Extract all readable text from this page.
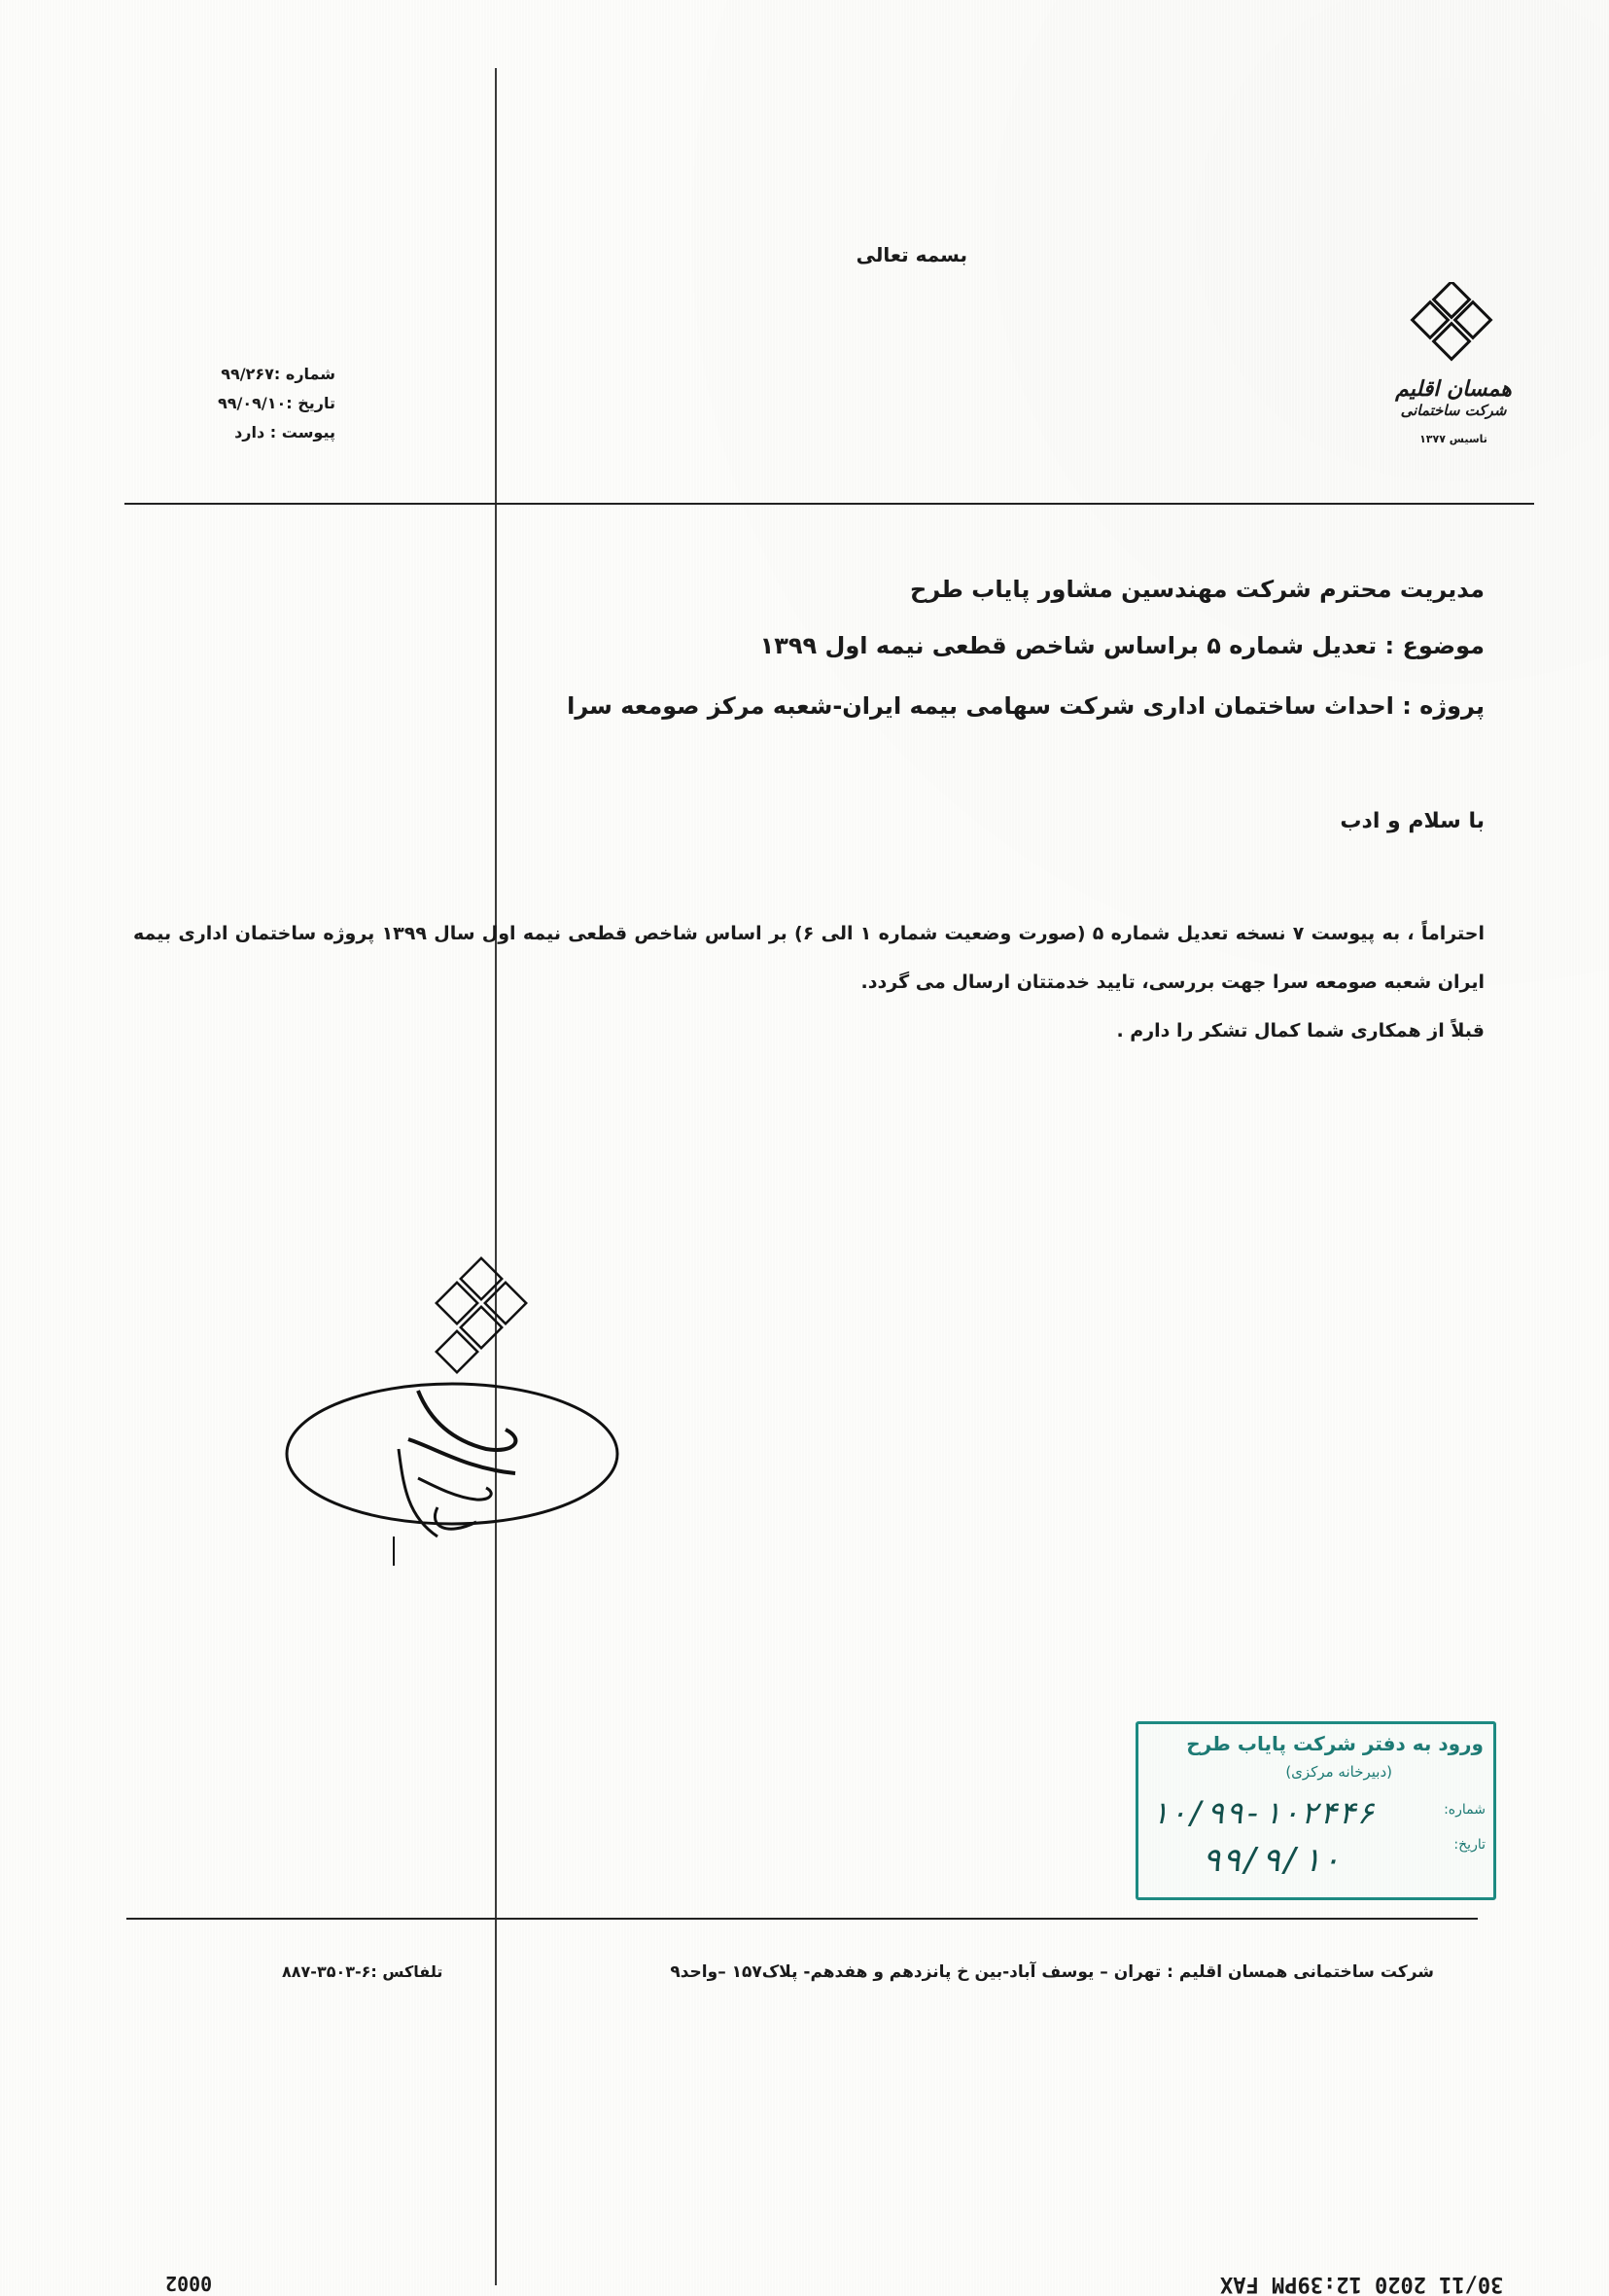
بسمه تعالی
شماره :۹۹/۲۶۷
تاریخ :۹۹/۰۹/۱۰
پیوست : دارد
همسان اقلیم
شرکت ساختمانی
تاسیس ۱۳۷۷
مدیریت محترم شرکت مهندسین مشاور پایاب طرح
موضوع : تعدیل شماره ۵ براساس شاخص قطعی نیمه اول ۱۳۹۹
پروژه : احداث ساختمان اداری شرکت سهامی بیمه ایران-شعبه مرکز صومعه سرا
با سلام و ادب
احتراماً ، به پیوست ۷ نسخه تعدیل شماره ۵ (صورت وضعیت شماره ۱ الی ۶) بر اساس شاخص قطعی نیمه اول سال ۱۳۹۹ پروژه ساختمان اداری بیمه ایران شعبه صومعه سرا جهت بررسی، تایید خدمتتان ارسال می گردد.
قبلاً از همکاری شما کمال تشکر را دارم .
ورود به دفتر شرکت پایاب طرح
(دبیرخانه مرکزی)
شماره:
تاریخ:
۱۰/۹۹-۱۰۲۴۴۶
۹۹/۹/۱۰
شرکت ساختمانی همسان اقلیم : تهران – یوسف آباد-بین خ پانزدهم و هفدهم- پلاک۱۵۷ –واحد۹
تلفاکس :۶-۳۵۰۳-۸۸۷
30/11 2020 12:39PM FAX
0002
